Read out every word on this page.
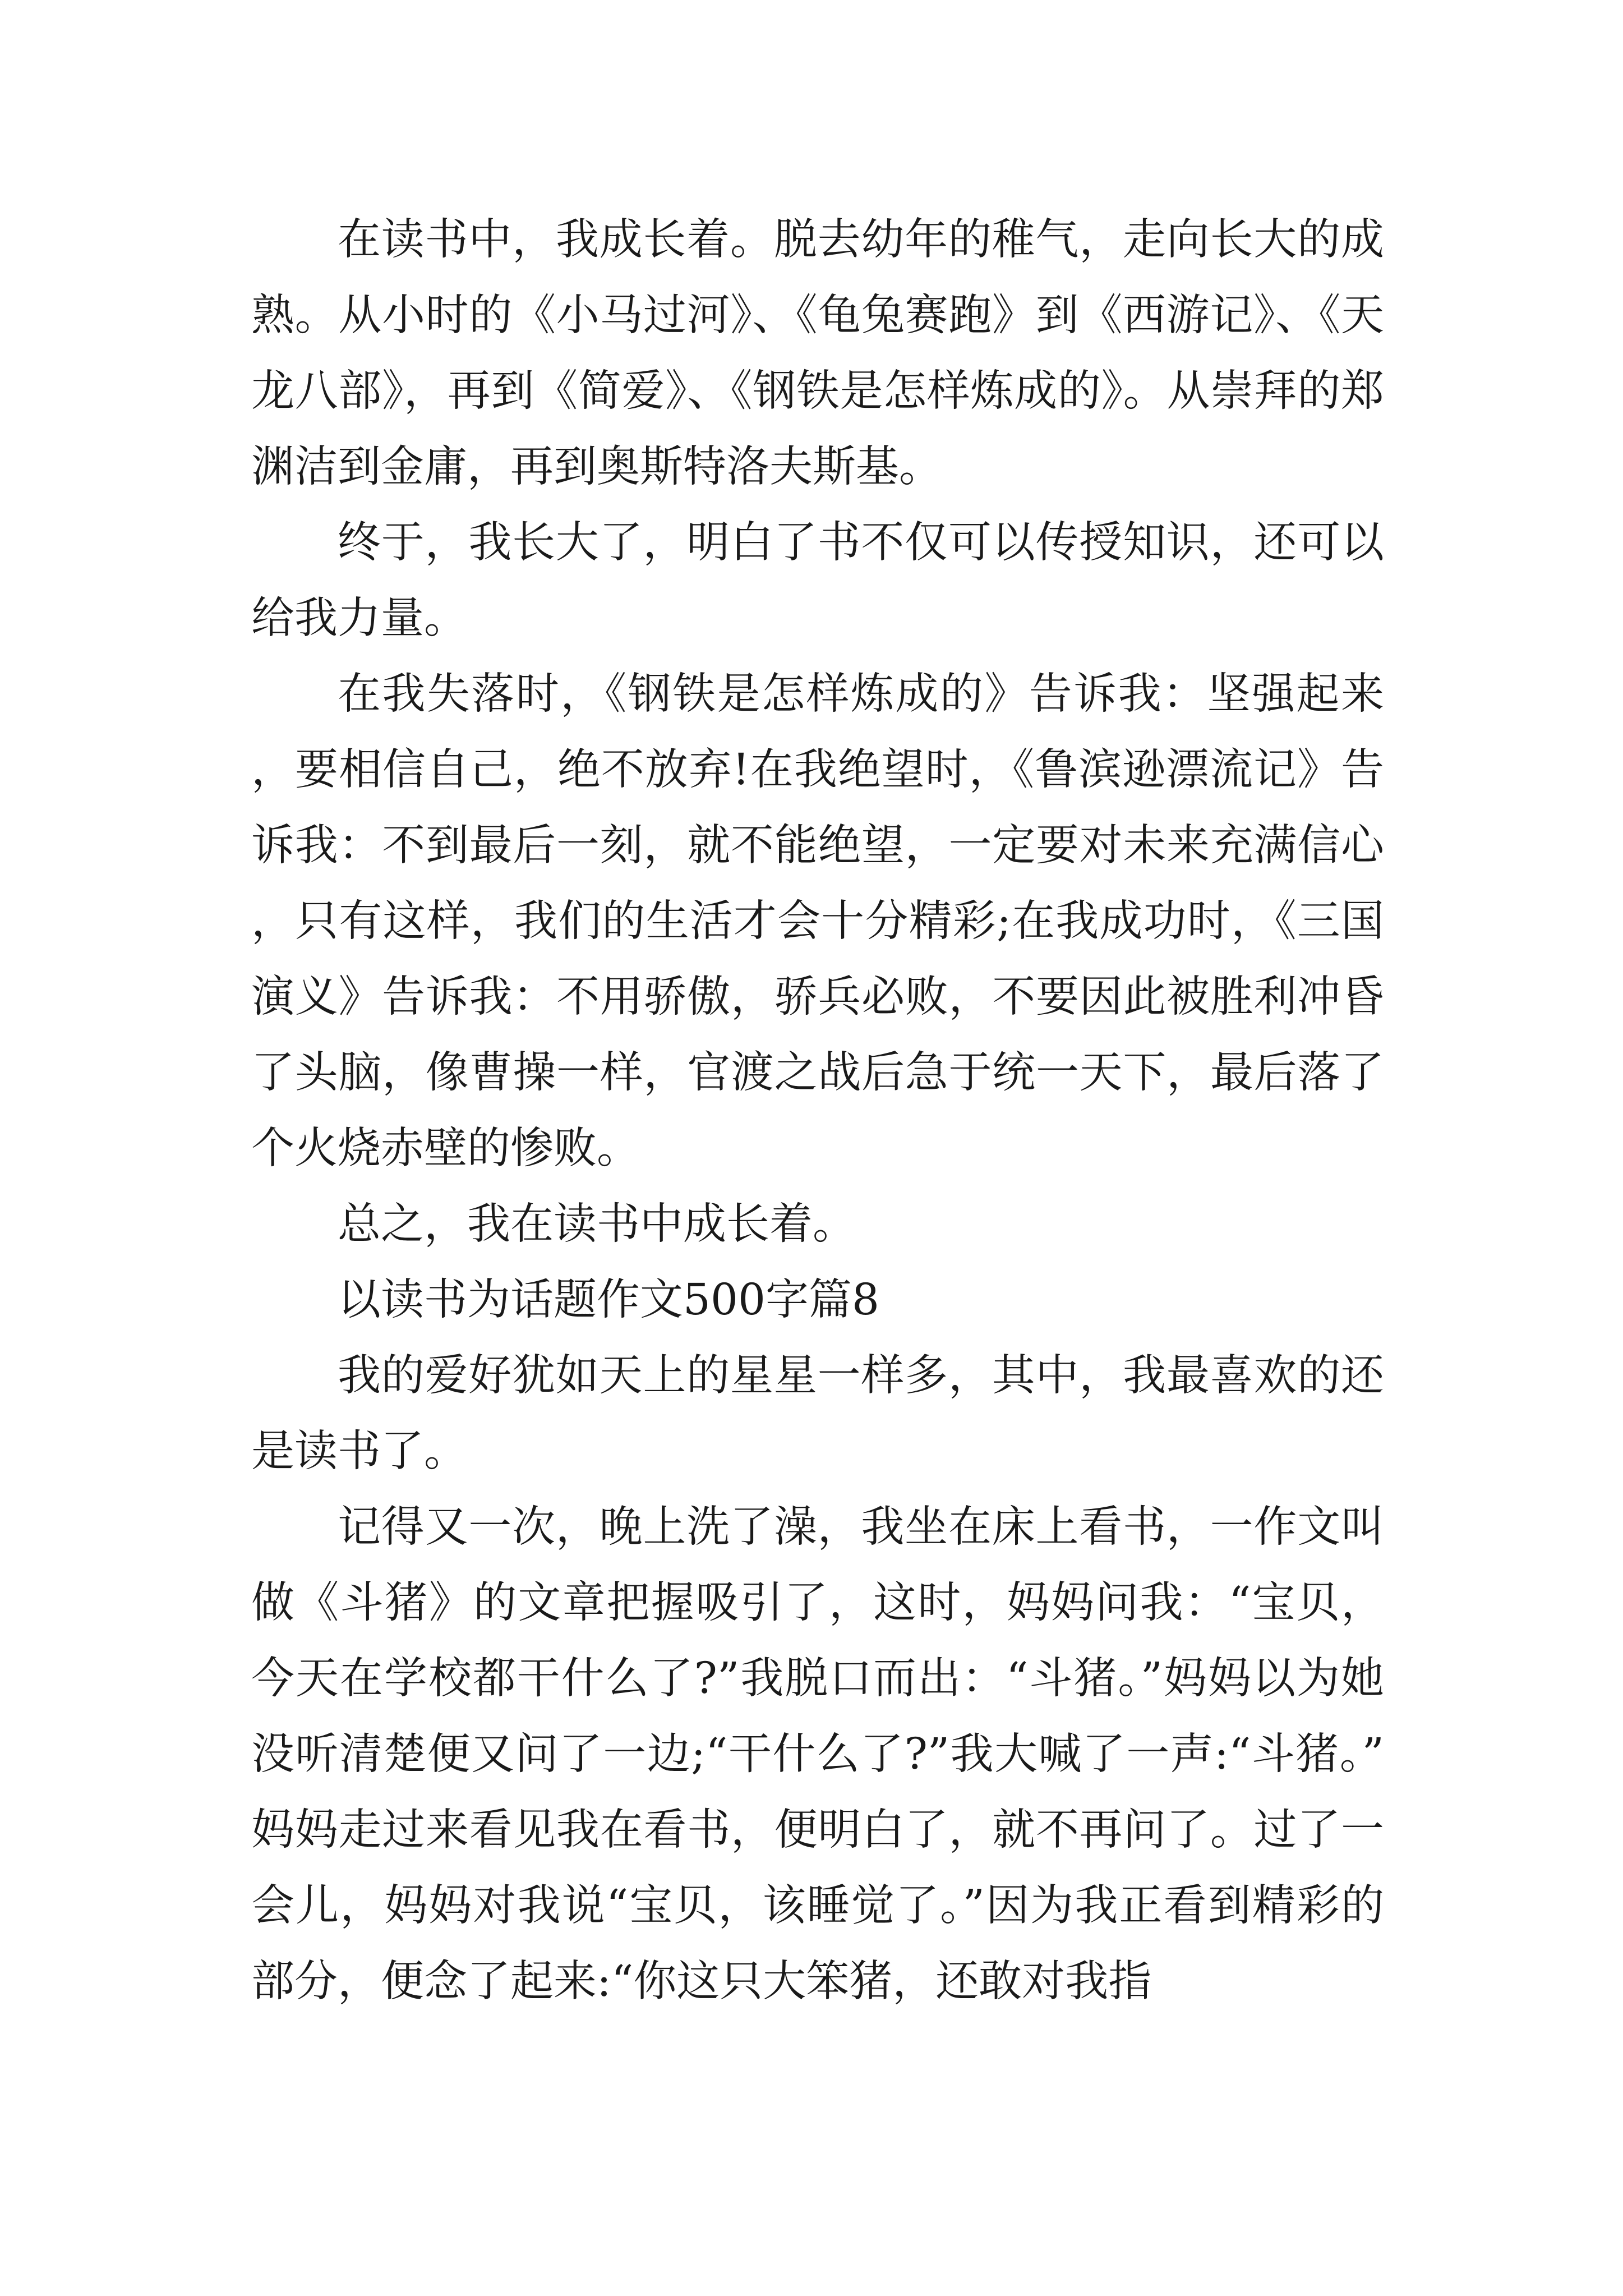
在读书中，我成长着。脱去幼年的稚气，走向长大的成熟。从小时的《小马过河》、《龟兔赛跑》到《西游记》、《天龙八部》，再到《简爱》、《钢铁是怎样炼成的》。从崇拜的郑渊洁到金庸，再到奥斯特洛夫斯基。

终于，我长大了，明白了书不仅可以传授知识，还可以给我力量。

在我失落时，《钢铁是怎样炼成的》告诉我：坚强起来，要相信自己，绝不放弃!在我绝望时，《鲁滨逊漂流记》告诉我：不到最后一刻，就不能绝望，一定要对未来充满信心，只有这样，我们的生活才会十分精彩;在我成功时，《三国演义》告诉我：不用骄傲，骄兵必败，不要因此被胜利冲昏了头脑，像曹操一样，官渡之战后急于统一天下，最后落了个火烧赤壁的惨败。

总之，我在读书中成长着。

以读书为话题作文500字篇8

我的爱好犹如天上的星星一样多，其中，我最喜欢的还是读书了。

记得又一次，晚上洗了澡，我坐在床上看书，一作文叫做《斗猪》的文章把握吸引了，这时，妈妈问我：“宝贝，今天在学校都干什么了?”我脱口而出：“斗猪。”妈妈以为她没听清楚便又问了一边;“干什么了?”我大喊了一声:“斗猪。”妈妈走过来看见我在看书，便明白了，就不再问了。过了一会儿，妈妈对我说“宝贝，该睡觉了。”因为我正看到精彩的部分，便念了起来:“你这只大笨猪，还敢对我指
